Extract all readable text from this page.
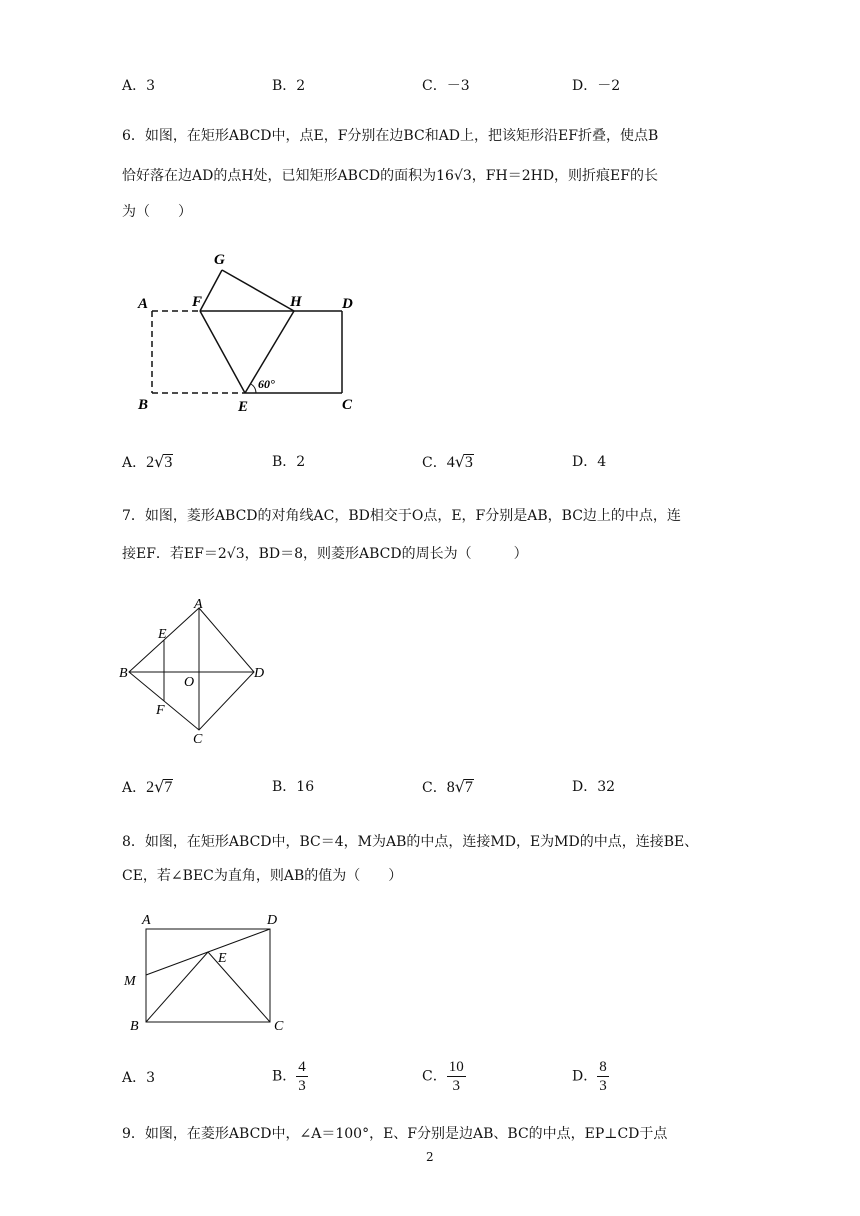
A．3	B．2	C．－3	D．－2
6．如图，在矩形ABCD中，点E，F分别在边BC和AD上，把该矩形沿EF折叠，使点B
恰好落在边AD的点H处，已知矩形ABCD的面积为16√3，FH＝2HD，则折痕EF的长
为（　　）
G
A	F	H	D
B	E	C
60°
A．2√3	B．2	C．4√3	D．4
7．如图，菱形ABCD的对角线AC，BD相交于O点，E，F分别是AB，BC边上的中点，连
接EF．若EF＝2√3，BD＝8，则菱形ABCD的周长为（　　　）
A
B
C
D
E
F
O
A．2√7	B．16	C．8√7	D．32
8．如图，在矩形ABCD中，BC＝4，M为AB的中点，连接MD，E为MD的中点，连接BE、
CE，若∠BEC为直角，则AB的值为（　　）
A	D
M
E
B	C
A．3	B． $\frac{4}{3}$	C． $\frac{10}{3}$	D． $\frac{8}{3}$
9．如图，在菱形ABCD中，∠A＝100°，E、F分别是边AB、BC的中点，EP⊥CD于点
2
